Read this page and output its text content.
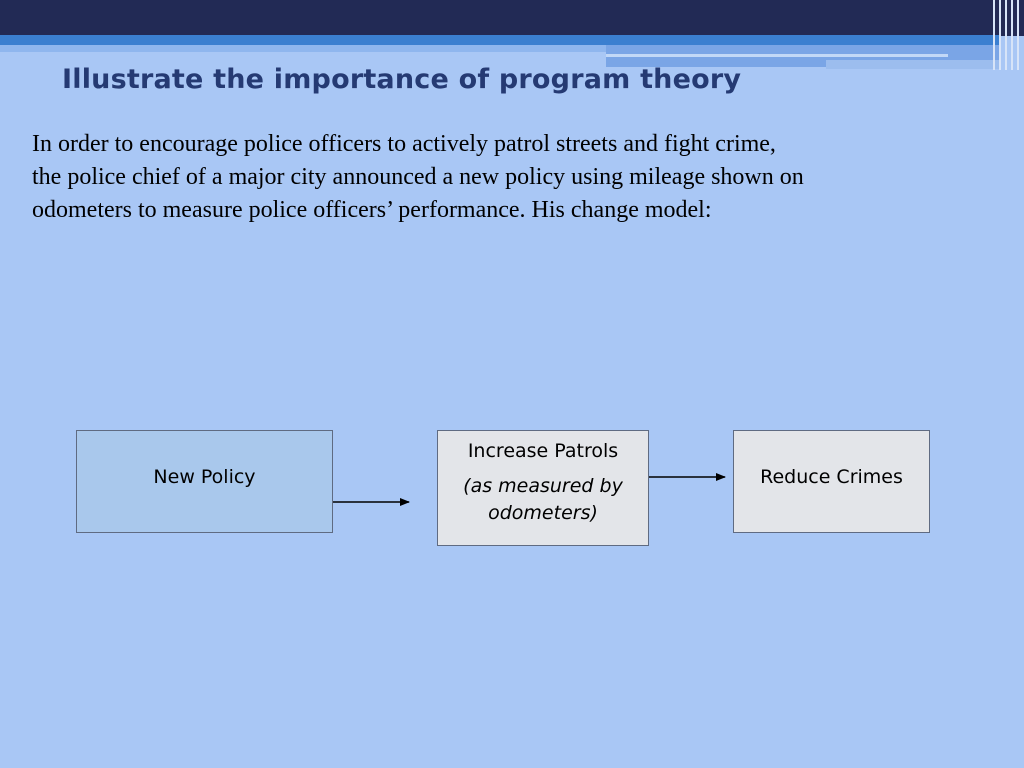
Illustrate the importance of program theory
In order to encourage police officers to actively patrol streets and fight crime,
the police chief of a major city announced a new policy using mileage shown on
odometers to measure police officers’ performance. His change model:
New Policy
Increase Patrols
(as measured by odometers)
Reduce Crimes
